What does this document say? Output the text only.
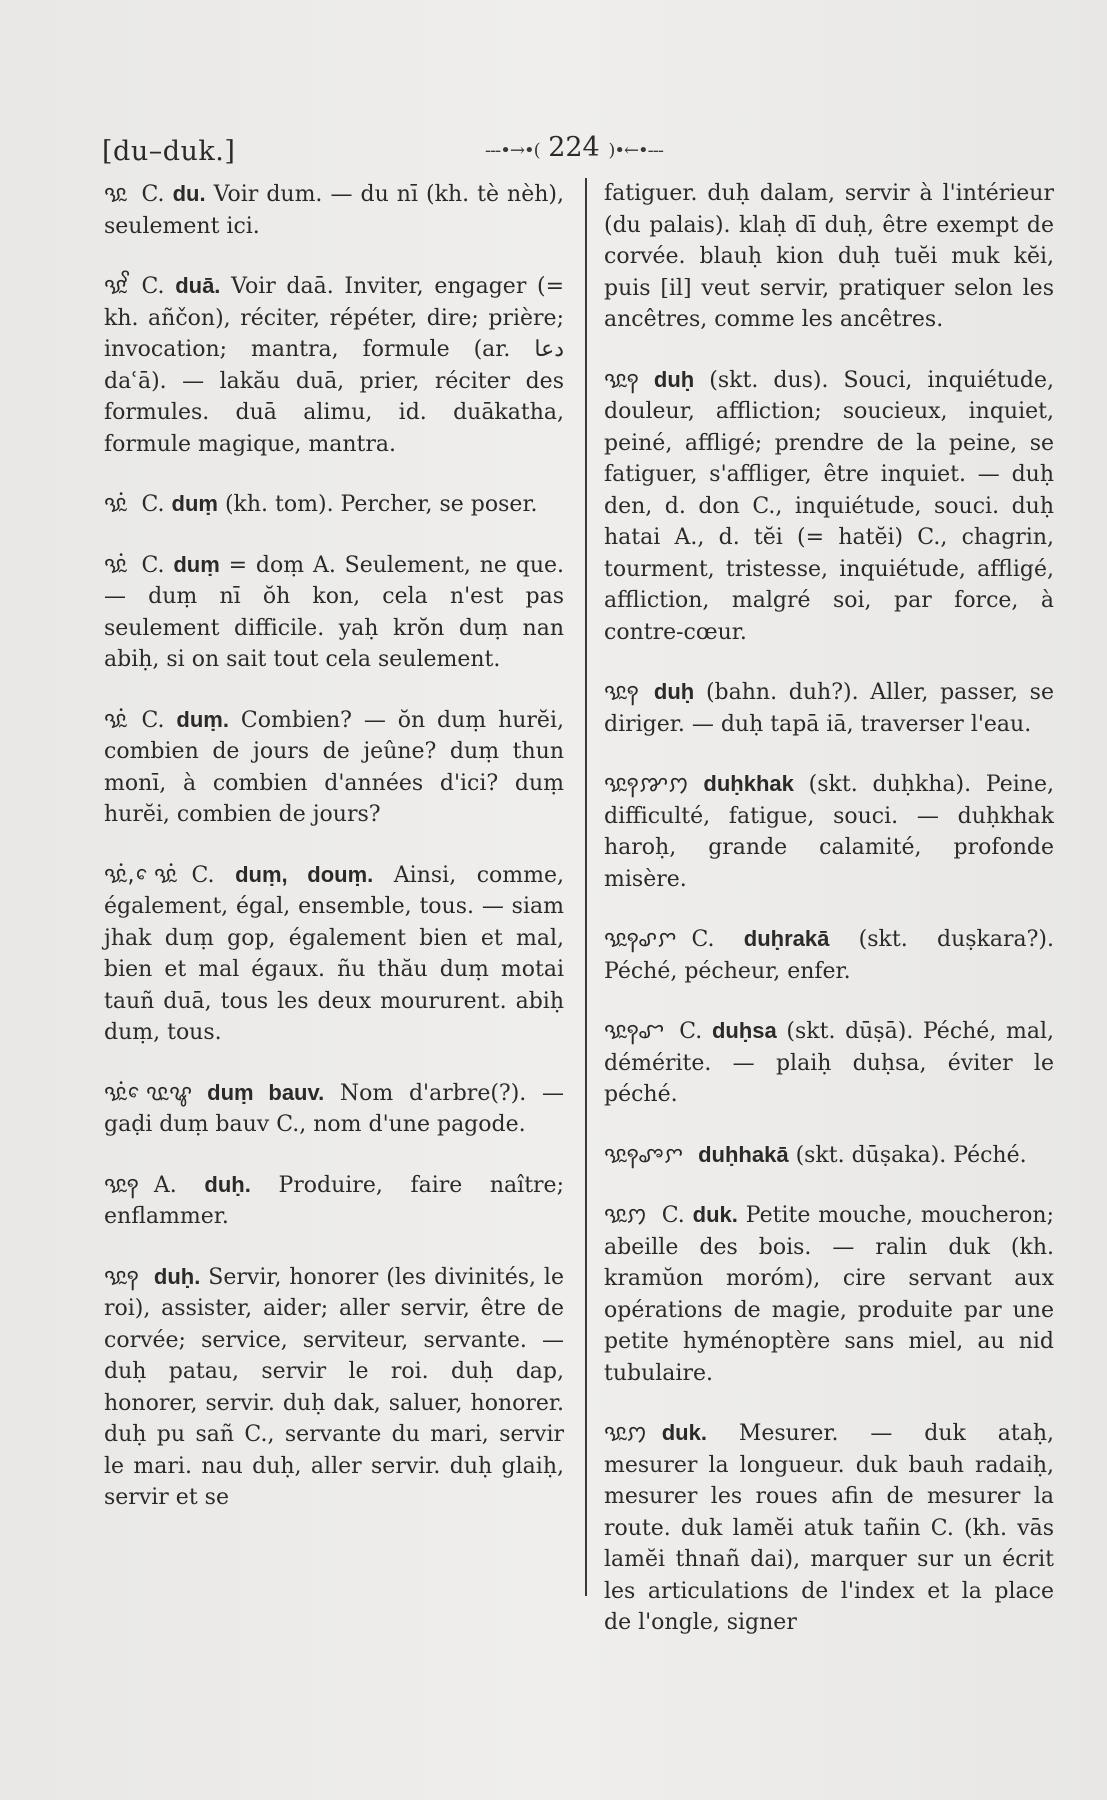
[du–duk.]	---•→•( 224 )•←•---

ꨕꨭ C. du. Voir dum. — du nī (kh. tè nèh), seulement ici.

ꨕꨭꨩ C. duā. Voir daā. Inviter, engager (= kh. añčon), réciter, répéter, dire; prière; invocation; mantra, formule (ar. دعا daʿā). — lakău duā, prier, réciter des formules. duā alimu, id. duākatha, formule magique, mantra.

ꨕꨭꩌ C. duṃ (kh. tom). Percher, se poser.

ꨕꨭꩌ C. duṃ = doṃ A. Seulement, ne que. — duṃ nī ŏh kon, cela n'est pas seulement difficile. yaḥ krŏn duṃ nan abiḥ, si on sait tout cela seulement.

ꨕꨭꩌ C. duṃ. Combien? — ŏn duṃ hurĕi, combien de jours de jeûne? duṃ thun monī, à combien d'années d'ici? duṃ hurĕi, combien de jours?

ꨕꨭꩌ, ꨯꨕꨭꩌ C. duṃ, douṃ. Ainsi, comme, également, égal, ensemble, tous. — siam jhak duṃ gop, également bien et mal, bien et mal égaux. ñu thău duṃ motai tauñ duā, tous les deux moururent. abiḥ duṃ, tous.

ꨕꨭꩌ ꨯꨝꨭꨥ duṃ bauv. Nom d'arbre(?). — gaḍi duṃ bauv C., nom d'une pagode.

ꨕꨭꩍ A. duḥ. Produire, faire naître; enflammer.

ꨕꨭꩍ duḥ. Servir, honorer (les divinités, le roi), assister, aider; aller servir, être de corvée; service, serviteur, servante. — duḥ patau, servir le roi. duḥ dap, honorer, servir. duḥ dak, saluer, honorer. duḥ pu sañ C., servante du mari, servir le mari. nau duḥ, aller servir. duḥ glaiḥ, servir et se

fatiguer. duḥ dalam, servir à l'intérieur (du palais). klaḥ dī duḥ, être exempt de corvée. blauḥ kion duḥ tuĕi muk kĕi, puis [il] veut servir, pratiquer selon les ancêtres, comme les ancêtres.

ꨕꨭꩍ duḥ (skt. dus). Souci, inquiétude, douleur, affliction; soucieux, inquiet, peiné, affligé; prendre de la peine, se fatiguer, s'affliger, être inquiet. — duḥ den, d. don C., inquiétude, souci. duḥ hatai A., d. tĕi (= hatĕi) C., chagrin, tourment, tristesse, inquiétude, affligé, affliction, malgré soi, par force, à contre-cœur.

ꨕꨭꩍ duḥ (bahn. duh?). Aller, passer, se diriger. — duḥ tapā iā, traverser l'eau.

ꨕꨭꩍꨇꩀ duḥkhak (skt. duḥkha). Peine, difficulté, fatigue, souci. — duḥkhak haroḥ, grande calamité, profonde misère.

ꨕꨭꩍꨣꨆ C. duḥrakā (skt. duṣkara?). Péché, pécheur, enfer.

ꨕꨭꩍꨧ C. duḥsa (skt. dūṣā). Péché, mal, démérite. — plaiḥ duḥsa, éviter le péché.

ꨕꨭꩍꨨꨆ duḥhakā (skt. dūṣaka). Péché.

ꨕꨭꩀ C. duk. Petite mouche, moucheron; abeille des bois. — ralin duk (kh. kramŭon moróm), cire servant aux opérations de magie, produite par une petite hyménoptère sans miel, au nid tubulaire.

ꨕꨭꩀ duk. Mesurer. — duk ataḥ, mesurer la longueur. duk bauh radaiḥ, mesurer les roues afin de mesurer la route. duk lamĕi atuk tañin C. (kh. vās lamĕi thnañ dai), marquer sur un écrit les articulations de l'index et la place de l'ongle, signer
